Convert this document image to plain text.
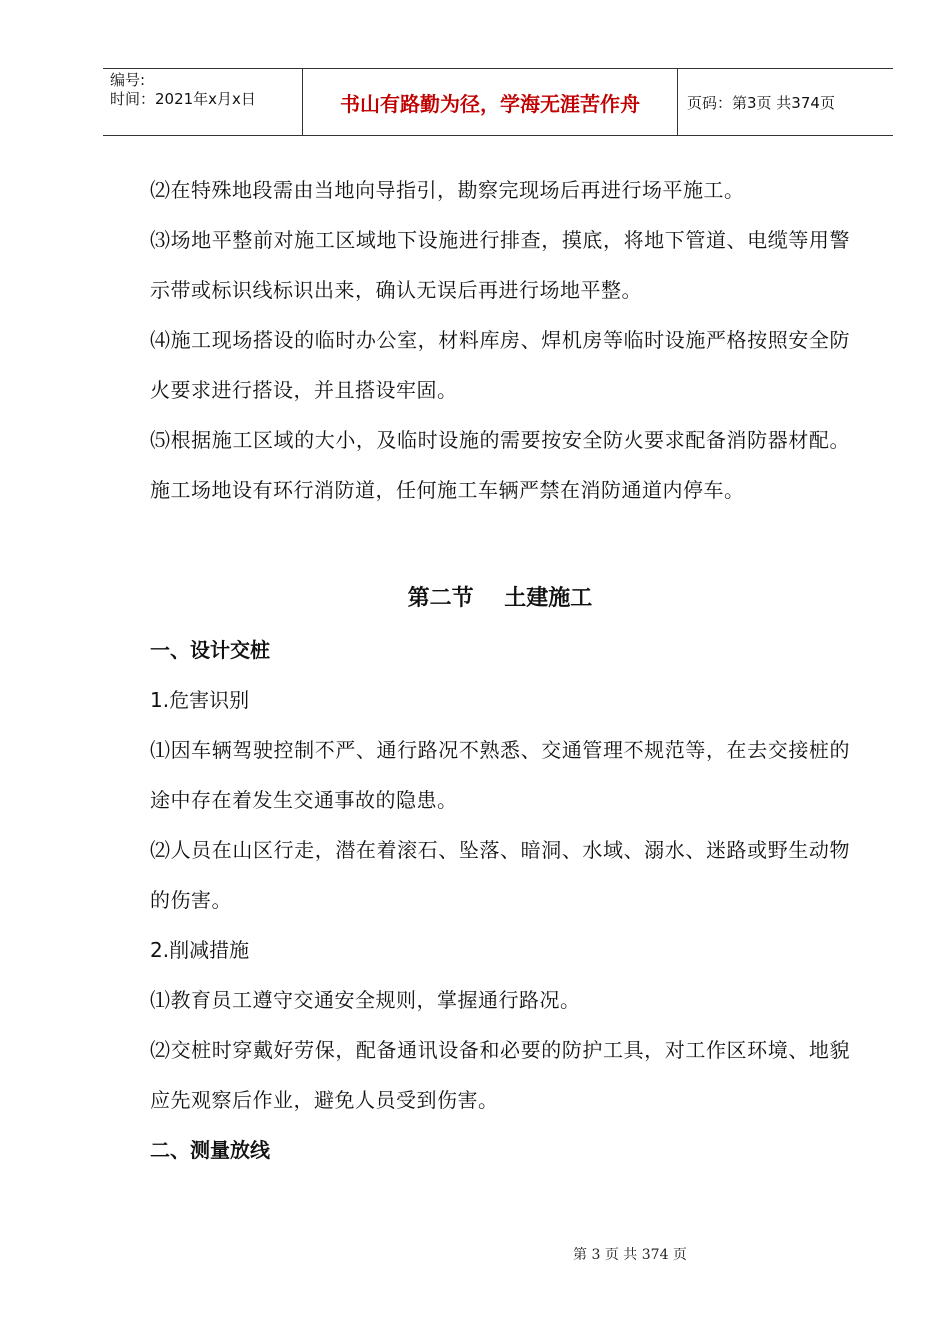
编号:
时间：2021年x月x日	书山有路勤为径，学海无涯苦作舟	页码：第3页 共374页

⑵在特殊地段需由当地向导指引，勘察完现场后再进行场平施工。

⑶场地平整前对施工区域地下设施进行排查，摸底，将地下管道、电缆等用警示带或标识线标识出来，确认无误后再进行场地平整。

⑷施工现场搭设的临时办公室，材料库房、焊机房等临时设施严格按照安全防火要求进行搭设，并且搭设牢固。

⑸根据施工区域的大小，及临时设施的需要按安全防火要求配备消防器材配。施工场地设有环行消防道，任何施工车辆严禁在消防通道内停车。

第二节    土建施工

一、设计交桩

1.危害识别

⑴因车辆驾驶控制不严、通行路况不熟悉、交通管理不规范等，在去交接桩的途中存在着发生交通事故的隐患。

⑵人员在山区行走，潜在着滚石、坠落、暗洞、水域、溺水、迷路或野生动物的伤害。

2.削减措施

⑴教育员工遵守交通安全规则，掌握通行路况。

⑵交桩时穿戴好劳保，配备通讯设备和必要的防护工具，对工作区环境、地貌应先观察后作业，避免人员受到伤害。

二、测量放线

第 3 页 共 374 页
